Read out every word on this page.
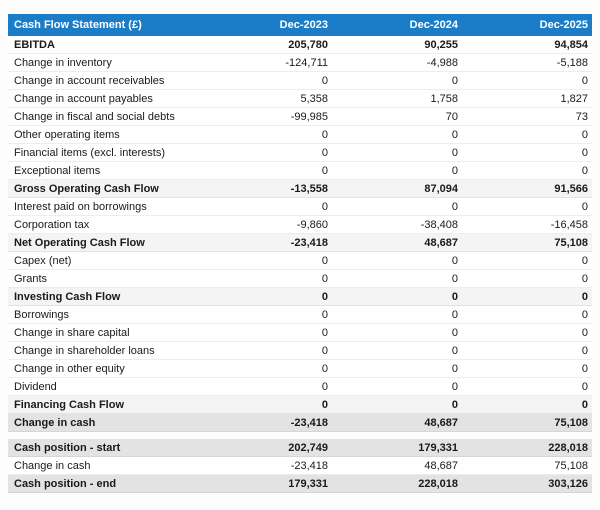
Cash Flow Statement (£)	Dec-2023	Dec-2024	Dec-2025
EBITDA	205,780	90,255	94,854
Change in inventory	-124,711	-4,988	-5,188
Change in account receivables	0	0	0
Change in account payables	5,358	1,758	1,827
Change in fiscal and social debts	-99,985	70	73
Other operating items	0	0	0
Financial items (excl. interests)	0	0	0
Exceptional items	0	0	0
Gross Operating Cash Flow	-13,558	87,094	91,566
Interest paid on borrowings	0	0	0
Corporation tax	-9,860	-38,408	-16,458
Net Operating Cash Flow	-23,418	48,687	75,108
Capex (net)	0	0	0
Grants	0	0	0
Investing Cash Flow	0	0	0
Borrowings	0	0	0
Change in share capital	0	0	0
Change in shareholder loans	0	0	0
Change in other equity	0	0	0
Dividend	0	0	0
Financing Cash Flow	0	0	0
Change in cash	-23,418	48,687	75,108
Cash position - start	202,749	179,331	228,018
Change in cash	-23,418	48,687	75,108
Cash position - end	179,331	228,018	303,126
